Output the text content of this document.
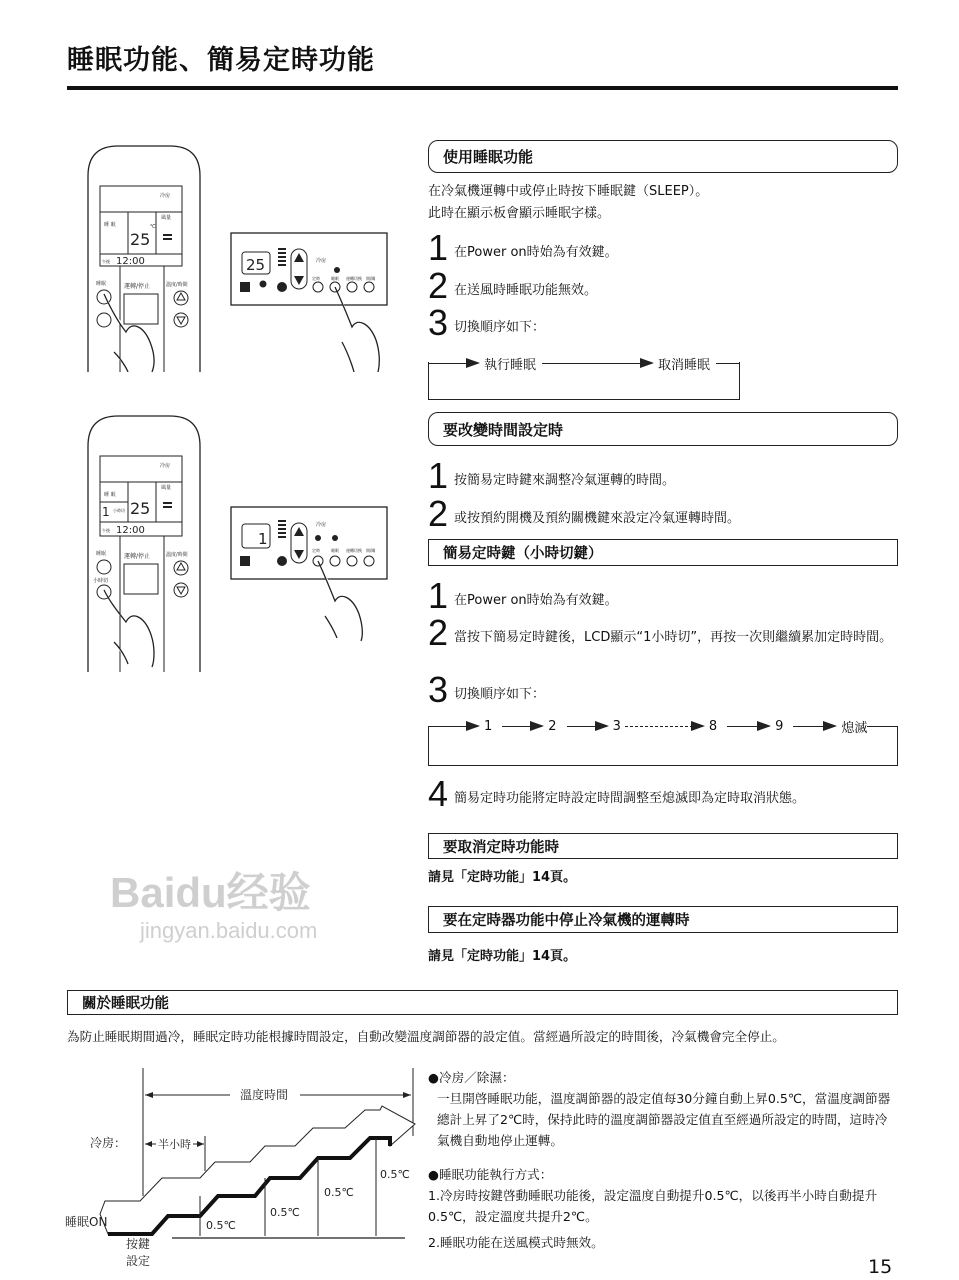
睡眠功能、簡易定時功能
冷房
睡 眠
風量
℃
25
午後 12:00
睡眠	運轉/停止	溫度/時間
25	冷房
定時	睡眠 運轉切換 開/關
冷房
睡 眠
1 小時切
風量
25
午後 12:00
睡眠
小時切
運轉/停止	溫度/時間
1
冷房
定時	睡眠 運轉切換 開/關
使用睡眠功能
在冷氣機運轉中或停止時按下睡眠鍵（SLEEP）。
此時在顯示板會顯示睡眠字樣。
1 在Power on時始為有效鍵。
2 在送風時睡眠功能無效。
3 切換順序如下：
執行睡眠	取消睡眠
要改變時間設定時
1 按簡易定時鍵來調整冷氣運轉的時間。
2 或按預約開機及預約關機鍵來設定冷氣運轉時間。
簡易定時鍵（小時切鍵）
1 在Power on時始為有效鍵。
2 當按下簡易定時鍵後，LCD顯示“1小時切”，再按一次則繼續累加定時時間。
3 切換順序如下：
1	2	3	8	9	熄滅
4 簡易定時功能將定時設定時間調整至熄滅即為定時取消狀態。
要取消定時功能時
請見「定時功能」14頁。
要在定時器功能中停止冷氣機的運轉時
請見「定時功能」14頁。
Baidu经验
jingyan.baidu.com
關於睡眠功能
為防止睡眠期間過冷，睡眠定時功能根據時間設定，自動改變溫度調節器的設定值。當經過所設定的時間後，冷氣機會完全停止。
溫度時間
冷房：	半小時
0.5℃
0.5℃
0.5℃
0.5℃
睡眠ON
按鍵
設定
●冷房／除濕：
一旦開啓睡眠功能，溫度調節器的設定值每30分鐘自動上昇0.5℃，當溫度調節器總計上昇了2℃時，保持此時的溫度調節器設定值直至經過所設定的時間，這時冷氣機自動地停止運轉。
●睡眠功能執行方式：
1.冷房時按鍵啓動睡眠功能後，設定溫度自動提升0.5℃，以後再半小時自動提升0.5℃，設定溫度共提升2℃。
2.睡眠功能在送風模式時無效。
15
